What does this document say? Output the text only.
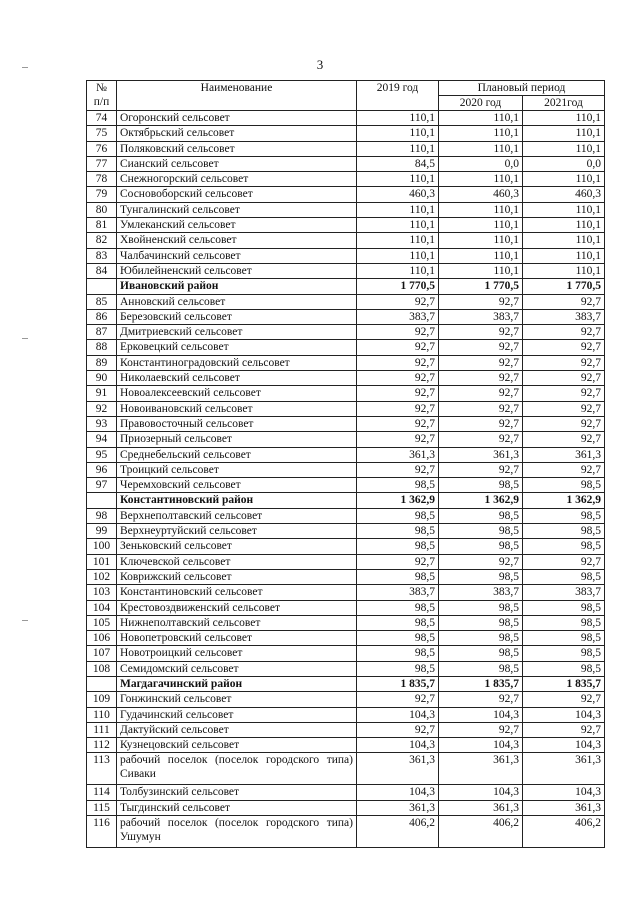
3
№
п/п	Наименование	2019 год	Плановый период	
			2020 год	2021год
74	Огоронский сельсовет	110,1	110,1	110,1
75	Октябрьский сельсовет	110,1	110,1	110,1
76	Поляковский сельсовет	110,1	110,1	110,1
77	Сианский сельсовет	84,5	0,0	0,0
78	Снежногорский сельсовет	110,1	110,1	110,1
79	Сосновоборский сельсовет	460,3	460,3	460,3
80	Тунгалинский сельсовет	110,1	110,1	110,1
81	Умлеканский сельсовет	110,1	110,1	110,1
82	Хвойненский сельсовет	110,1	110,1	110,1
83	Чалбачинский сельсовет	110,1	110,1	110,1
84	Юбилейненский сельсовет	110,1	110,1	110,1
	Ивановский район	1 770,5	1 770,5	1 770,5
85	Анновский сельсовет	92,7	92,7	92,7
86	Березовский сельсовет	383,7	383,7	383,7
87	Дмитриевский сельсовет	92,7	92,7	92,7
88	Ерковецкий сельсовет	92,7	92,7	92,7
89	Константиноградовский сельсовет	92,7	92,7	92,7
90	Николаевский сельсовет	92,7	92,7	92,7
91	Новоалексеевский сельсовет	92,7	92,7	92,7
92	Новоивановский сельсовет	92,7	92,7	92,7
93	Правовосточный сельсовет	92,7	92,7	92,7
94	Приозерный сельсовет	92,7	92,7	92,7
95	Среднебельский сельсовет	361,3	361,3	361,3
96	Троицкий сельсовет	92,7	92,7	92,7
97	Черемховский сельсовет	98,5	98,5	98,5
	Константиновский район	1 362,9	1 362,9	1 362,9
98	Верхнеполтавский сельсовет	98,5	98,5	98,5
99	Верхнеуртуйский сельсовет	98,5	98,5	98,5
100	Зеньковский сельсовет	98,5	98,5	98,5
101	Ключевской сельсовет	92,7	92,7	92,7
102	Коврижский сельсовет	98,5	98,5	98,5
103	Константиновский сельсовет	383,7	383,7	383,7
104	Крестовоздвиженский сельсовет	98,5	98,5	98,5
105	Нижнеполтавский сельсовет	98,5	98,5	98,5
106	Новопетровский сельсовет	98,5	98,5	98,5
107	Новотроицкий сельсовет	98,5	98,5	98,5
108	Семидомский сельсовет	98,5	98,5	98,5
	Магдагачинский район	1 835,7	1 835,7	1 835,7
109	Гонжинский сельсовет	92,7	92,7	92,7
110	Гудачинский сельсовет	104,3	104,3	104,3
111	Дактуйский сельсовет	92,7	92,7	92,7
112	Кузнецовский сельсовет	104,3	104,3	104,3
113	рабочий поселок (поселок городского типа) Сиваки	361,3	361,3	361,3
114	Толбузинский сельсовет	104,3	104,3	104,3
115	Тыгдинский сельсовет	361,3	361,3	361,3
116	рабочий поселок (поселок городского типа) Ушумун	406,2	406,2	406,2
